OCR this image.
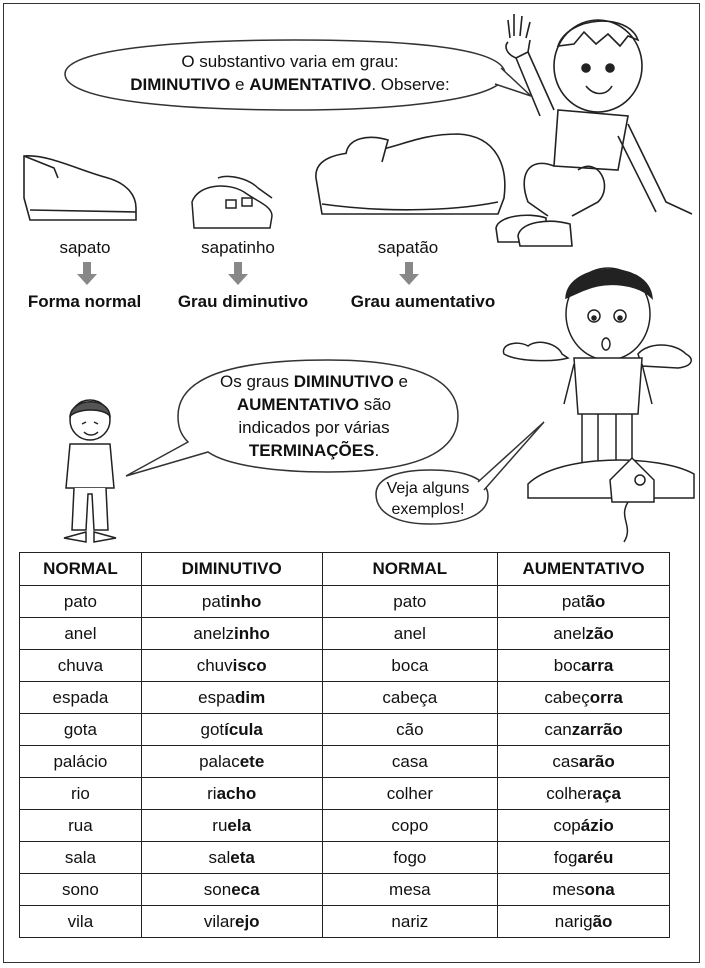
O substantivo varia em grau:
DIMINUTIVO e AUMENTATIVO. Observe:
sapato	sapatinho	sapatão
Forma normal	Grau diminutivo	Grau aumentativo
Os graus DIMINUTIVO e
AUMENTATIVO são
indicados por várias
TERMINAÇÕES.
Veja alguns
exemplos!
NORMAL	DIMINUTIVO	NORMAL	AUMENTATIVO
pato	patinho	pato	patão
anel	anelzinho	anel	anelzão
chuva	chuvisco	boca	bocarra
espada	espadim	cabeça	cabeçorra
gota	gotícula	cão	canzarrão
palácio	palacete	casa	casarão
rio	riacho	colher	colheraça
rua	ruela	copo	copázio
sala	saleta	fogo	fogaréu
sono	soneca	mesa	mesona
vila	vilarejo	nariz	narigão
